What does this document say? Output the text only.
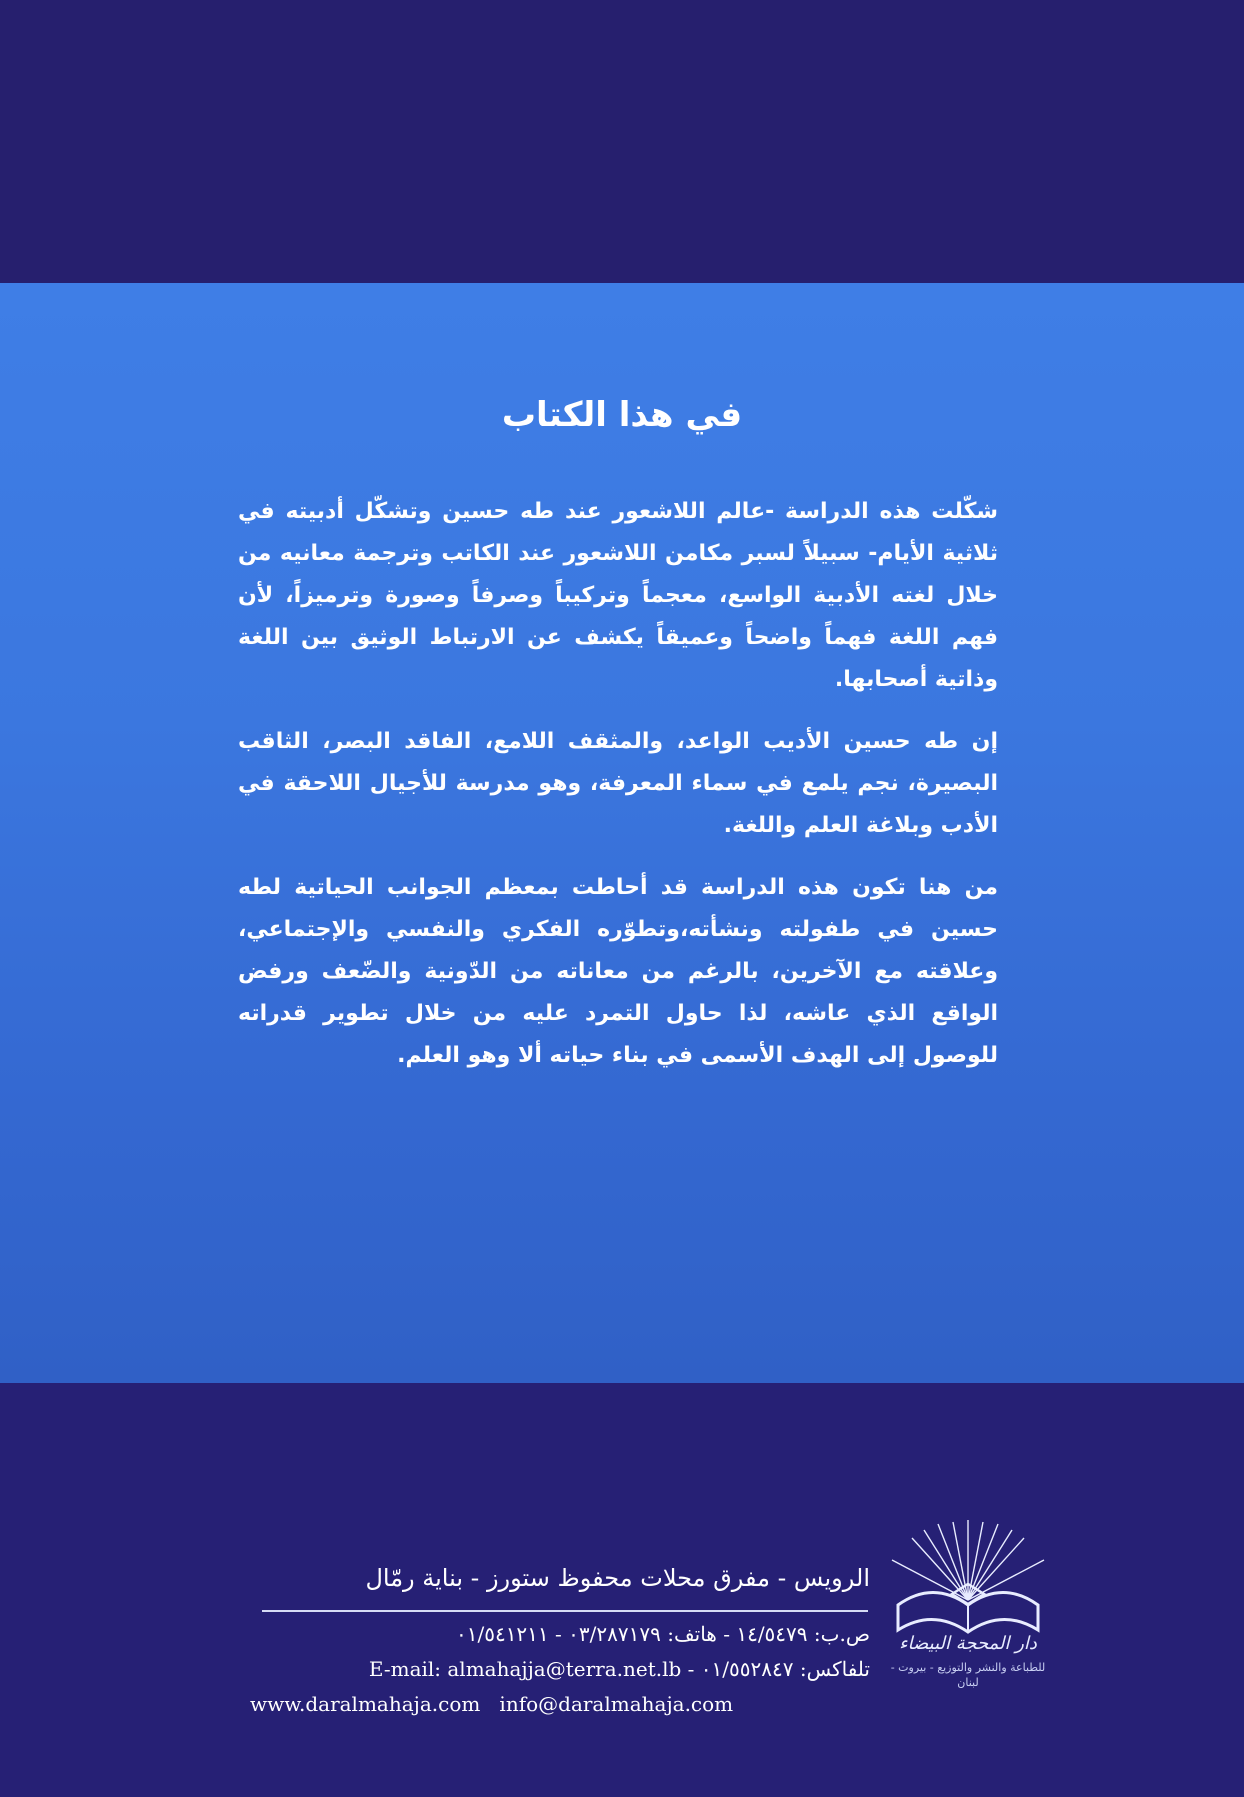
في هذا الكتاب

شكّلت هذه الدراسة -عالم اللاشعور عند طه حسين وتشكّل أدبيته في ثلاثية الأيام- سبيلاً لسبر مكامن اللاشعور عند الكاتب وترجمة معانيه من خلال لغته الأدبية الواسع، معجماً وتركيباً وصرفاً وصورة وترميزاً، لأن فهم اللغة فهماً واضحاً وعميقاً يكشف عن الارتباط الوثيق بين اللغة وذاتية أصحابها.

إن طه حسين الأديب الواعد، والمثقف اللامع، الفاقد البصر، الثاقب البصيرة، نجم يلمع في سماء المعرفة، وهو مدرسة للأجيال اللاحقة في الأدب وبلاغة العلم واللغة.

من هنا تكون هذه الدراسة قد أحاطت بمعظم الجوانب الحياتية لطه حسين في طفولته ونشأته،وتطوّره الفكري والنفسي والإجتماعي، وعلاقته مع الآخرين، بالرغم من معاناته من الدّونية والضّعف ورفض الواقع الذي عاشه، لذا حاول التمرد عليه من خلال تطوير قدراته للوصول إلى الهدف الأسمى في بناء حياته ألا وهو العلم.

دار المحجة البيضاء
للطباعة والنشر والتوزيع - بيروت - لبنان
الرويس - مفرق محلات محفوظ ستورز - بناية رمّال
ص.ب: ١٤/٥٤٧٩ - هاتف: ٠٣/٢٨٧١٧٩ - ٠١/٥٤١٢١١
تلفاكس: ٠١/٥٥٢٨٤٧ - E-mail: almahajja@terra.net.lb
www.daralmahaja.com info@daralmahaja.com
